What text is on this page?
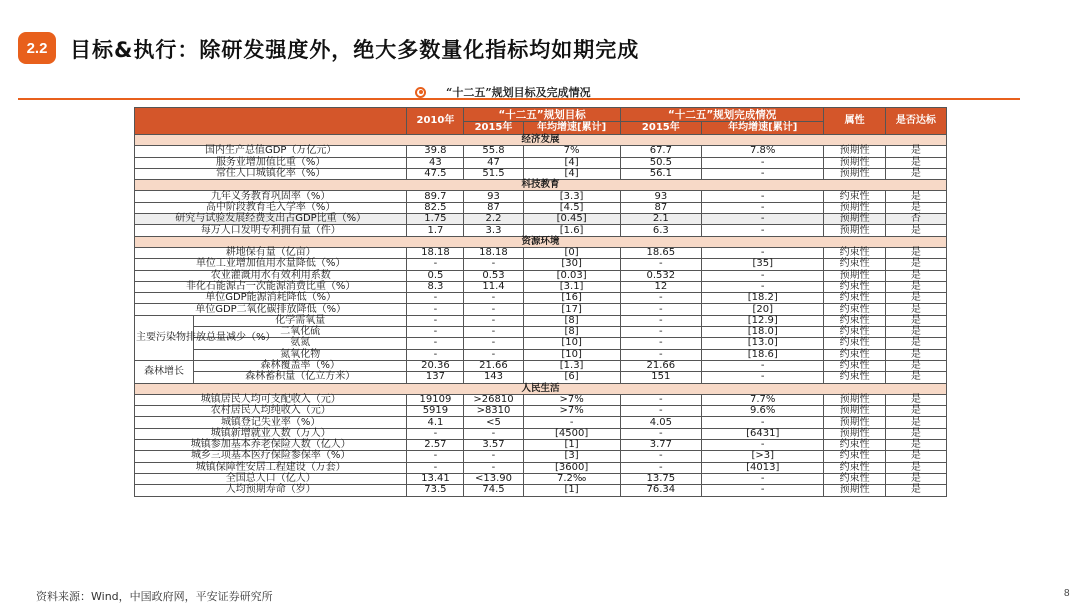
2.2	目标&执行：除研发强度外，绝大多数量化指标均如期完成
“十二五”规划目标及完成情况
		2010年	“十二五”规划目标		“十二五”规划完成情况		属性	是否达标
			2015年	年均增速[累计]	2015年	年均增速[累计]		
经济发展								
国内生产总值GDP（万亿元）		39.8	55.8	7%	67.7	7.8%	预期性	是
服务业增加值比重（%）		43	47	[4]	50.5	-	预期性	是
常住人口城镇化率（%）		47.5	51.5	[4]	56.1	-	预期性	是
科技教育								
九年义务教育巩固率（%）		89.7	93	[3.3]	93	-	约束性	是
高中阶段教育毛入学率（%）		82.5	87	[4.5]	87	-	预期性	是
研究与试验发展经费支出占GDP比重（%）		1.75	2.2	[0.45]	2.1	-	预期性	否
每万人口发明专利拥有量（件）		1.7	3.3	[1.6]	6.3	-	预期性	是
资源环境								
耕地保有量（亿亩）		18.18	18.18	[0]	18.65	-	约束性	是
单位工业增加值用水量降低（%）		-	-	[30]	-	[35]	约束性	是
农业灌溉用水有效利用系数		0.5	0.53	[0.03]	0.532	-	预期性	是
非化石能源占一次能源消费比重（%）		8.3	11.4	[3.1]	12	-	约束性	是
单位GDP能源消耗降低（%）		-	-	[16]	-	[18.2]	约束性	是
单位GDP二氧化碳排放降低（%）		-	-	[17]	-	[20]	约束性	是
主要污染物排放总量减少（%）	化学需氧量	-	-	[8]	-	[12.9]	约束性	是
	二氧化硫	-	-	[8]	-	[18.0]	约束性	是
	氨氮	-	-	[10]	-	[13.0]	约束性	是
	氮氧化物	-	-	[10]	-	[18.6]	约束性	是
森林增长	森林覆盖率（%）	20.36	21.66	[1.3]	21.66	-	约束性	是
	森林蓄积量（亿立方米）	137	143	[6]	151	-	约束性	是
人民生活								
城镇居民人均可支配收入（元）		19109	>26810	>7%	-	7.7%	预期性	是
农村居民人均纯收入（元）		5919	>8310	>7%	-	9.6%	预期性	是
城镇登记失业率（%）		4.1	<5	-	4.05	-	预期性	是
城镇新增就业人数（万人）		-	-	[4500]	-	[6431]	预期性	是
城镇参加基本养老保险人数（亿人）		2.57	3.57	[1]	3.77	-	约束性	是
城乡三项基本医疗保险参保率（%）		-	-	[3]	-	[>3]	约束性	是
城镇保障性安居工程建设（万套）		-	-	[3600]	-	[4013]	约束性	是
全国总人口（亿人）		13.41	<13.90	7.2‰	13.75	-	约束性	是
人均预期寿命（岁）		73.5	74.5	[1]	76.34	-	预期性	是
资料来源：Wind，中国政府网，平安证券研究所	8
